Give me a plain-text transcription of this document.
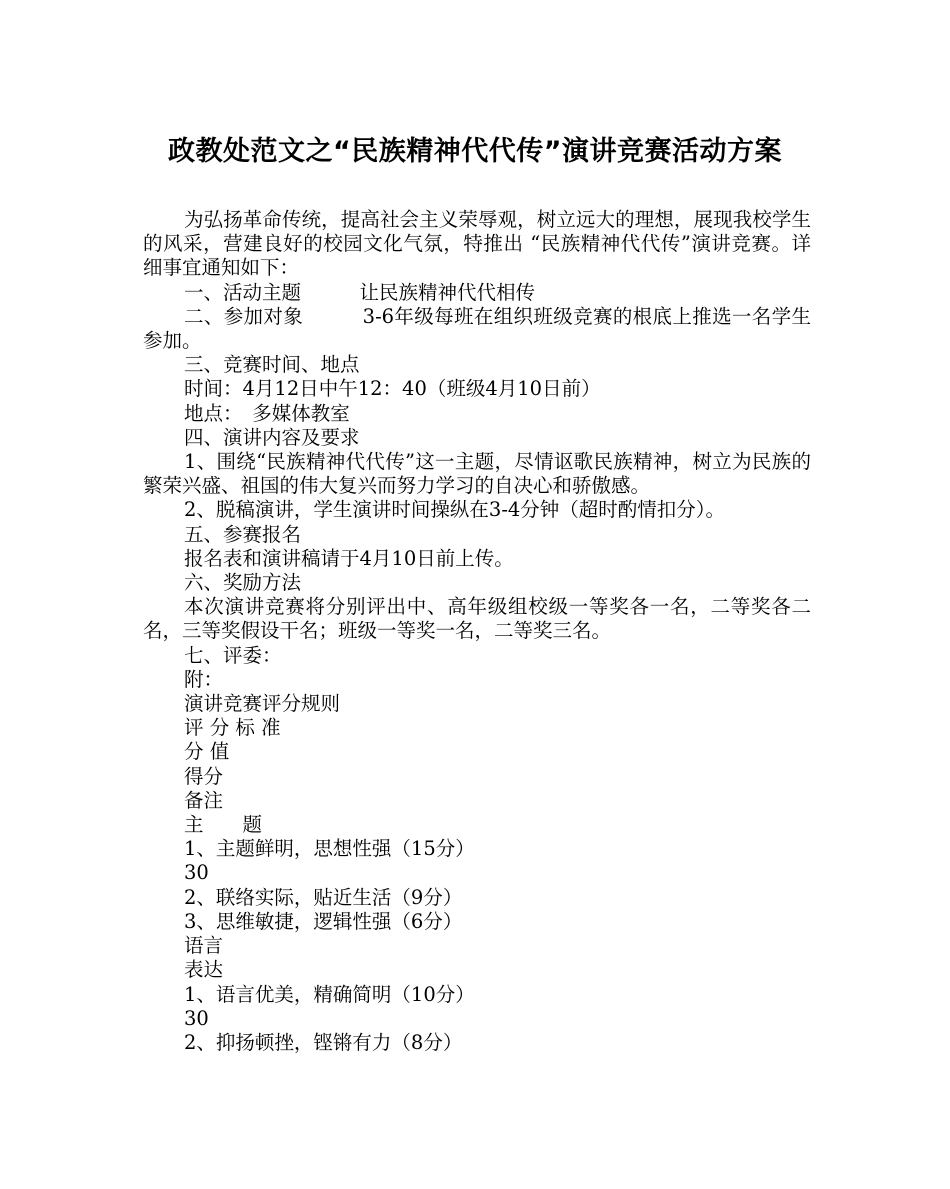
政教处范文之“民族精神代代传”演讲竞赛活动方案

为弘扬革命传统，提高社会主义荣辱观，树立远大的理想，展现我校学生的风采，营建良好的校园文化气氛，特推出 “民族精神代代传”演讲竞赛。详细事宜通知如下：

一、活动主题　　　让民族精神代代相传

二、参加对象　　　3-6年级每班在组织班级竞赛的根底上推选一名学生参加。

三、竞赛时间、地点

时间：4月12日中午12：40（班级4月10日前）

地点：　多媒体教室

四、演讲内容及要求

1、围绕“民族精神代代传”这一主题，尽情讴歌民族精神，树立为民族的繁荣兴盛、祖国的伟大复兴而努力学习的自决心和骄傲感。

2、脱稿演讲，学生演讲时间操纵在3-4分钟（超时酌情扣分）。

五、参赛报名

报名表和演讲稿请于4月10日前上传。

六、奖励方法

本次演讲竞赛将分别评出中、高年级组校级一等奖各一名，二等奖各二名，三等奖假设干名；班级一等奖一名，二等奖三名。

七、评委：

附：

演讲竞赛评分规则

评 分 标 准

分 值

得分

备注

主　　题

1、主题鲜明，思想性强（15分）

30

2、联络实际，贴近生活（9分）

3、思维敏捷，逻辑性强（6分）

语言

表达

1、语言优美，精确简明（10分）

30

2、抑扬顿挫，铿锵有力（8分）
